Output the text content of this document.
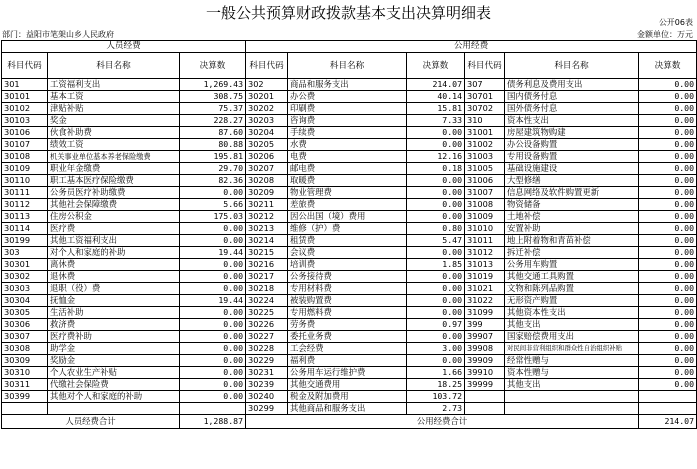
一般公共预算财政拨款基本支出决算明细表
公开06表
部门：益阳市笔架山乡人民政府	金额单位：万元
人员经费			公用经费					
科目代码	科目名称	决算数	科目代码	科目名称	决算数	科目代码	科目名称	决算数
301	工资福利支出	1,269.43	302	商品和服务支出	214.07	307	债务利息及费用支出	0.00
30101	基本工资	308.75	30201	办公费	40.14	30701	国内债务付息	0.00
30102	津贴补贴	75.37	30202	印刷费	15.81	30702	国外债务付息	0.00
30103	奖金	228.27	30203	咨询费	7.33	310	资本性支出	0.00
30106	伙食补助费	87.60	30204	手续费	0.00	31001	房屋建筑物购建	0.00
30107	绩效工资	80.88	30205	水费	0.00	31002	办公设备购置	0.00
30108	机关事业单位基本养老保险缴费	195.81	30206	电费	12.16	31003	专用设备购置	0.00
30109	职业年金缴费	29.70	30207	邮电费	0.18	31005	基础设施建设	0.00
30110	职工基本医疗保险缴费	82.36	30208	取暖费	0.00	31006	大型修缮	0.00
30111	公务员医疗补助缴费	0.00	30209	物业管理费	0.00	31007	信息网络及软件购置更新	0.00
30112	其他社会保障缴费	5.66	30211	差旅费	0.00	31008	物资储备	0.00
30113	住房公积金	175.03	30212	因公出国（境）费用	0.00	31009	土地补偿	0.00
30114	医疗费	0.00	30213	维修（护）费	0.80	31010	安置补助	0.00
30199	其他工资福利支出	0.00	30214	租赁费	5.47	31011	地上附着物和青苗补偿	0.00
303	对个人和家庭的补助	19.44	30215	会议费	0.00	31012	拆迁补偿	0.00
30301	离休费	0.00	30216	培训费	1.85	31013	公务用车购置	0.00
30302	退休费	0.00	30217	公务接待费	0.00	31019	其他交通工具购置	0.00
30303	退职（役）费	0.00	30218	专用材料费	0.00	31021	文物和陈列品购置	0.00
30304	抚恤金	19.44	30224	被装购置费	0.00	31022	无形资产购置	0.00
30305	生活补助	0.00	30225	专用燃料费	0.00	31099	其他资本性支出	0.00
30306	救济费	0.00	30226	劳务费	0.97	399	其他支出	0.00
30307	医疗费补助	0.00	30227	委托业务费	0.00	39907	国家赔偿费用支出	0.00
30308	助学金	0.00	30228	工会经费	3.00	39908	对民间非营利组织和群众性自治组织补贴	0.00
30309	奖励金	0.00	30229	福利费	0.00	39909	经常性赠与	0.00
30310	个人农业生产补贴	0.00	30231	公务用车运行维护费	1.66	39910	资本性赠与	0.00
30311	代缴社会保险费	0.00	30239	其他交通费用	18.25	39999	其他支出	0.00
30399	其他对个人和家庭的补助	0.00	30240	税金及附加费用	103.72			
			30299	其他商品和服务支出	2.73			
人员经费合计		1,288.87	公用经费合计					214.07
